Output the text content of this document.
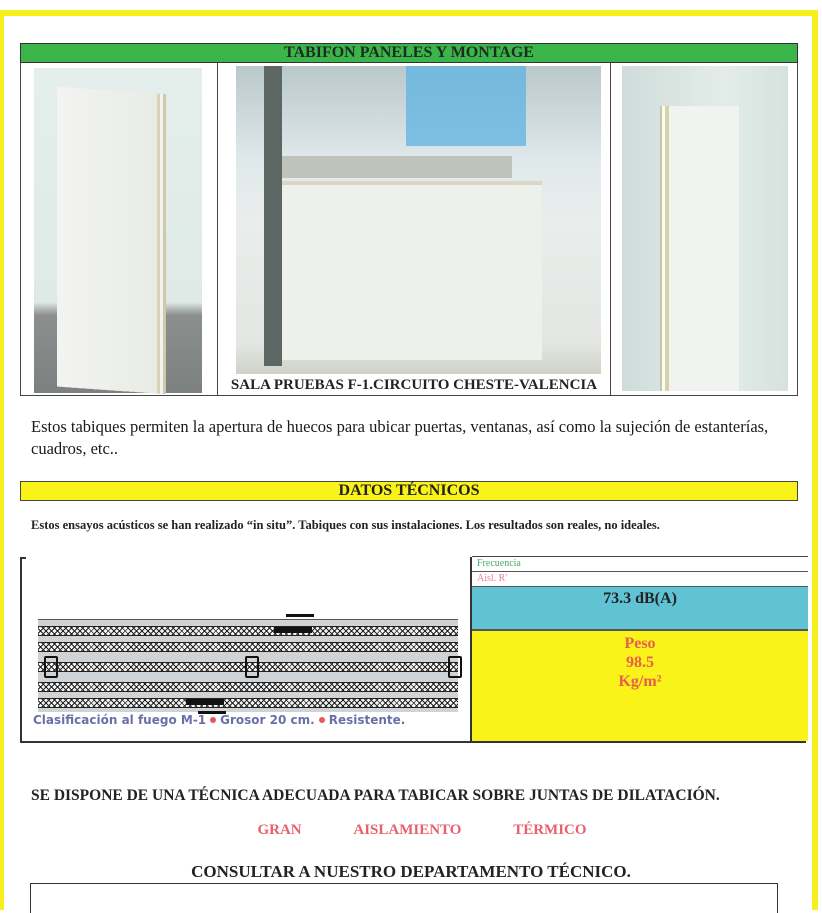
TABIFON PANELES Y MONTAGE
SALA PRUEBAS F-1.CIRCUITO CHESTE-VALENCIA
Estos tabiques permiten la apertura de huecos para ubicar puertas, ventanas, así como la sujeción de estanterías, cuadros, etc..
DATOS TÉCNICOS
Estos ensayos acústicos se han realizado “in situ”. Tabiques con sus instalaciones. Los resultados son reales, no ideales.
Clasificación al fuego M-1 Grosor 20 cm. Resistente.
Frecuencia
Aisl. R'
73.3 dB(A)
Peso
98.5
Kg/m²
SE DISPONE DE UNA TÉCNICA ADECUADA PARA TABICAR SOBRE JUNTAS DE DILATACIÓN.
GRAN	AISLAMIENTO	TÉRMICO
CONSULTAR A NUESTRO DEPARTAMENTO TÉCNICO.
